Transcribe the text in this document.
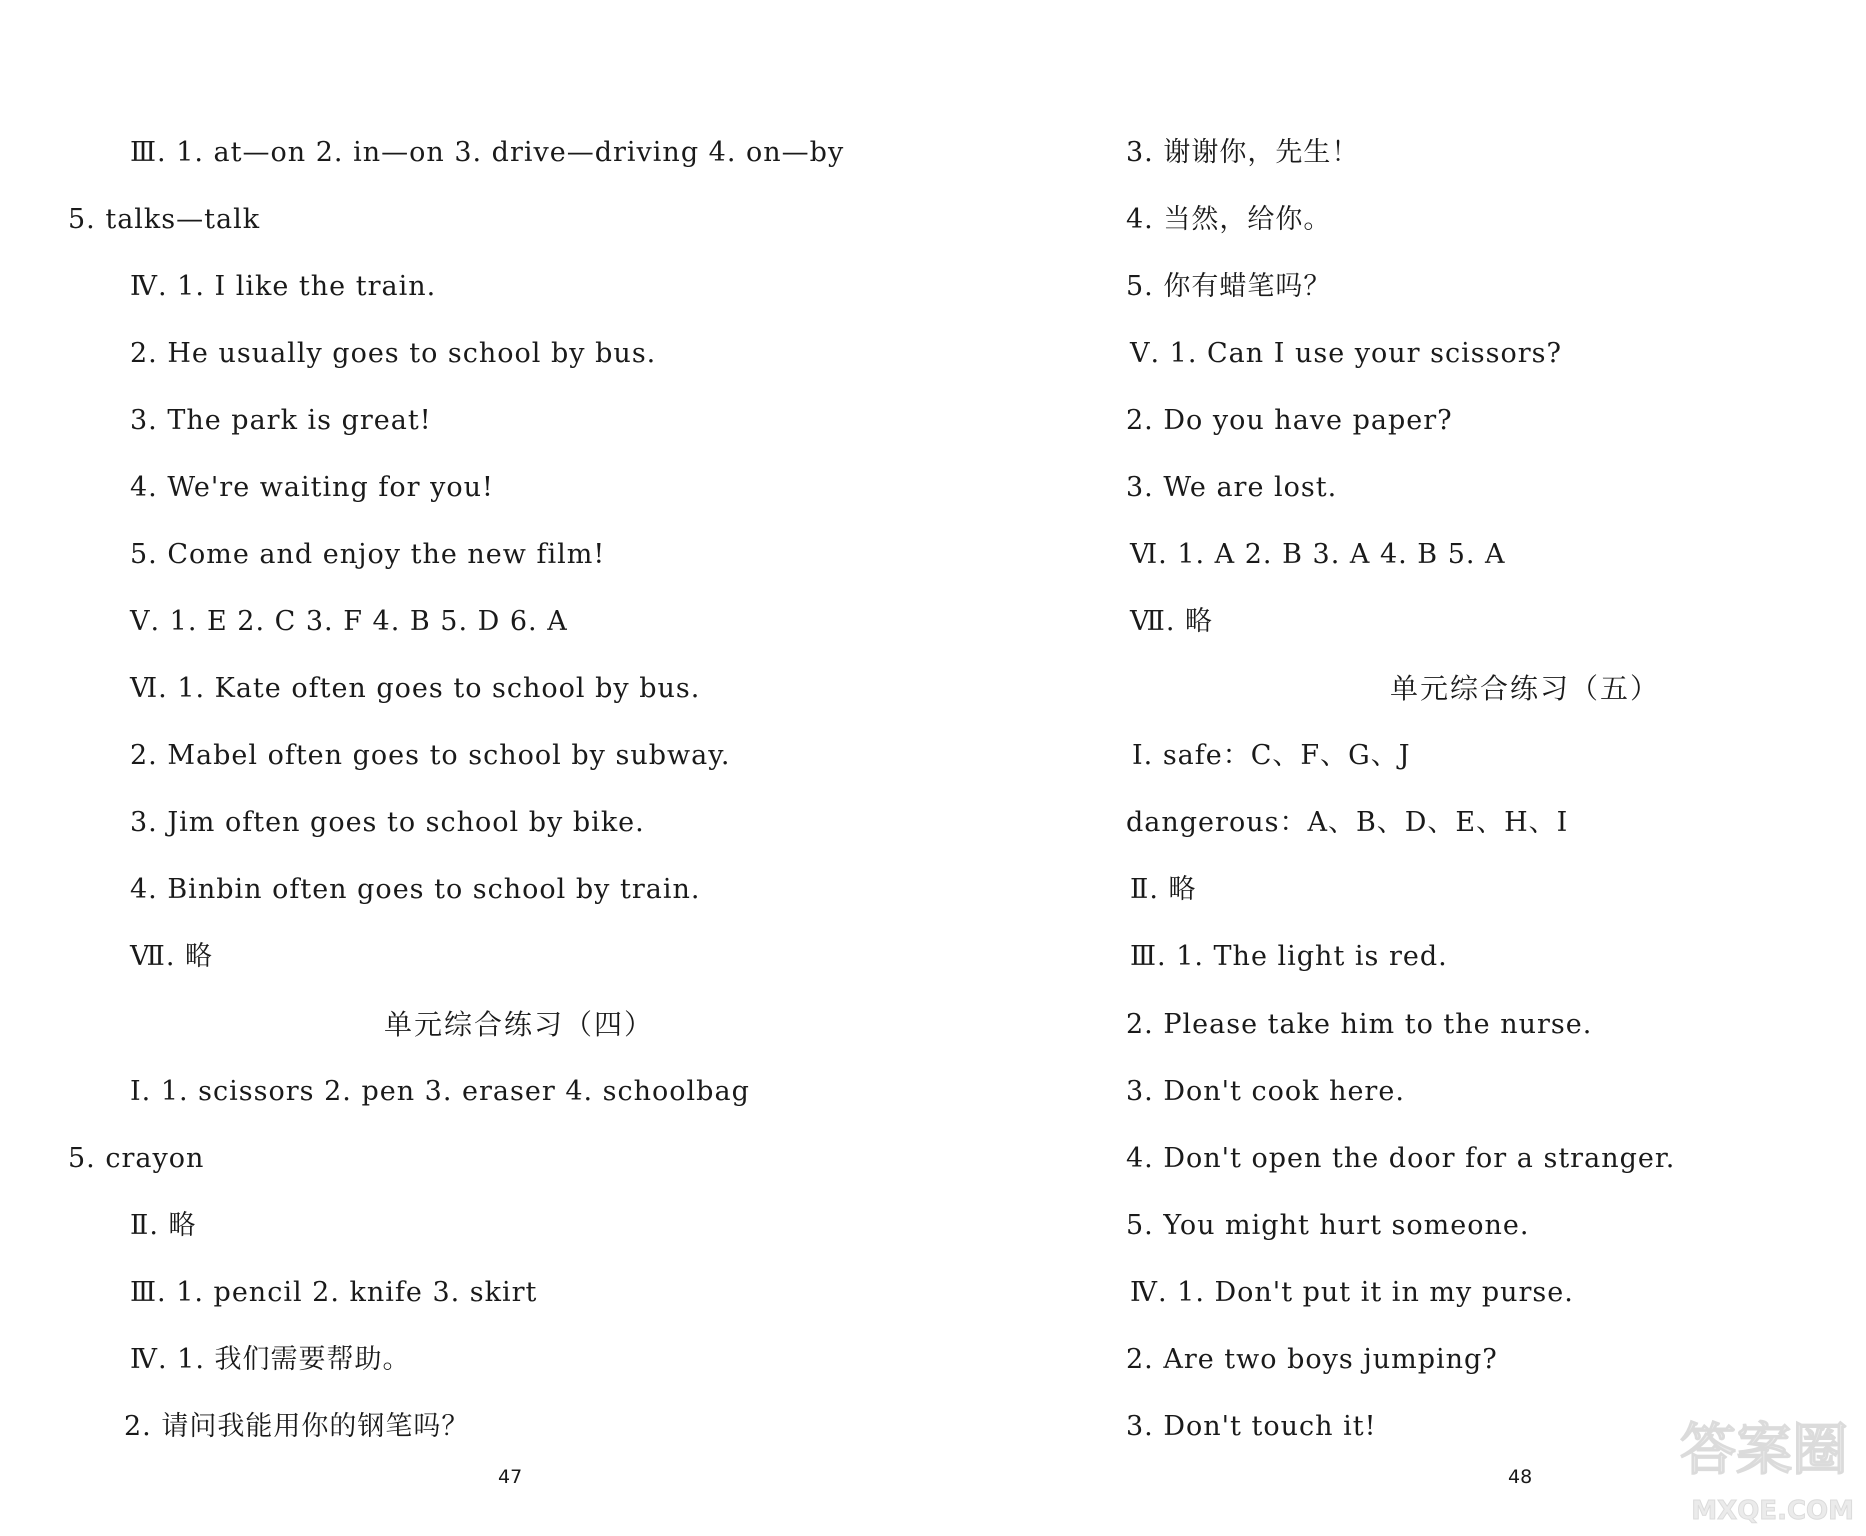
Ⅲ. 1. at—on 2. in—on 3. drive—driving 4. on—by
5. talks—talk
Ⅳ. 1. I like the train.
2. He usually goes to school by bus.
3. The park is great!
4. We're waiting for you!
5. Come and enjoy the new film!
Ⅴ. 1. E 2. C 3. F 4. B 5. D 6. A
Ⅵ. 1. Kate often goes to school by bus.
2. Mabel often goes to school by subway.
3. Jim often goes to school by bike.
4. Binbin often goes to school by train.
Ⅶ. 略
单元综合练习（四）
Ⅰ. 1. scissors 2. pen 3. eraser 4. schoolbag
5. crayon
Ⅱ. 略
Ⅲ. 1. pencil 2. knife 3. skirt
Ⅳ. 1. 我们需要帮助。
2. 请问我能用你的钢笔吗？
47
3. 谢谢你，先生！
4. 当然，给你。
5. 你有蜡笔吗？
Ⅴ. 1. Can I use your scissors?
2. Do you have paper?
3. We are lost.
Ⅵ. 1. A 2. B 3. A 4. B 5. A
Ⅶ. 略
单元综合练习（五）
Ⅰ. safe：C、F、G、J
dangerous：A、B、D、E、H、I
Ⅱ. 略
Ⅲ. 1. The light is red.
2. Please take him to the nurse.
3. Don't cook here.
4. Don't open the door for a stranger.
5. You might hurt someone.
Ⅳ. 1. Don't put it in my purse.
2. Are two boys jumping?
3. Don't touch it!
48	答案圈
MXQE.COM
